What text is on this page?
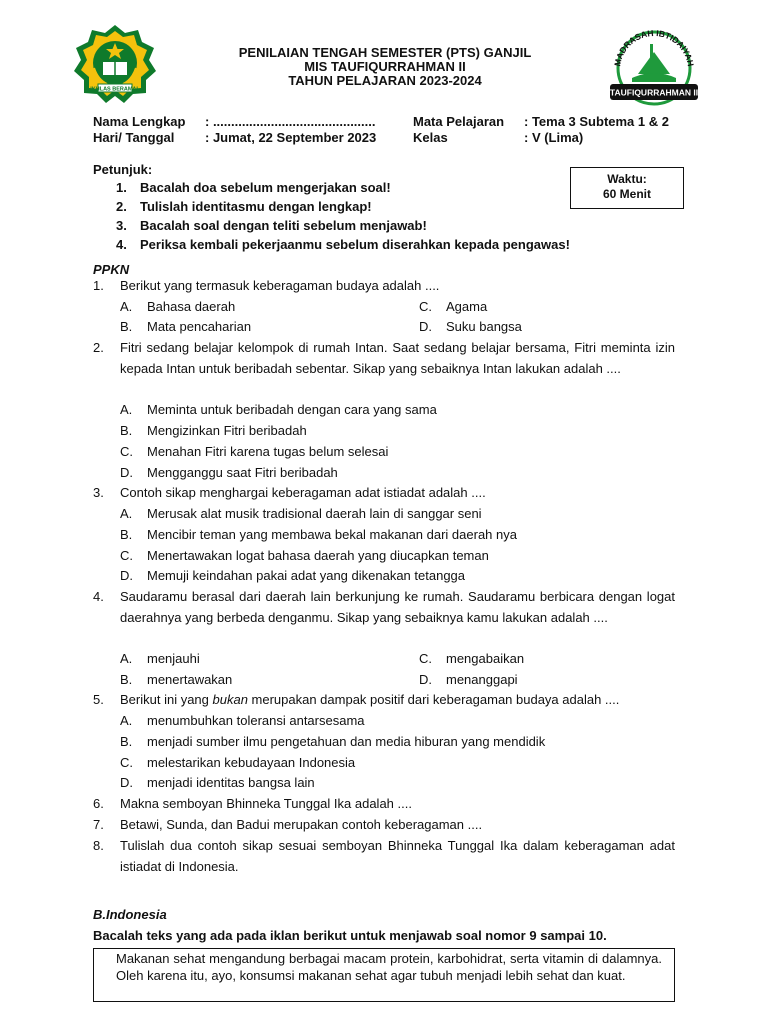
IKHLAS BERAMAL
MADRASAH IBTIDAIYAH
TAUFIQURRAHMAN II
PENILAIAN TENGAH SEMESTER (PTS) GANJIL
MIS TAUFIQURRAHMAN II
TAHUN PELAJARAN 2023-2024
Nama Lengkap : .............................................
Hari/ Tanggal : Jumat, 22 September 2023
Mata Pelajaran : Tema 3 Subtema 1 & 2
Kelas	: V (Lima)
Waktu:
60 Menit
Petunjuk:
1.	Bacalah doa sebelum mengerjakan soal!
2.	Tulislah identitasmu dengan lengkap!
3.	Bacalah soal dengan teliti sebelum menjawab!
4.	Periksa kembali pekerjaanmu sebelum diserahkan kepada pengawas!
PPKN
1.	Berikut yang termasuk keberagaman budaya adalah ....
A.	Bahasa daerah
B.	Mata pencaharian
C.	Agama
D.	Suku bangsa
2.	Fitri sedang belajar kelompok di rumah Intan. Saat sedang belajar bersama, Fitri meminta izin kepada Intan untuk beribadah sebentar. Sikap yang sebaiknya Intan lakukan adalah ....
A.	Meminta untuk beribadah dengan cara yang sama
B.	Mengizinkan Fitri beribadah
C.	Menahan Fitri karena tugas belum selesai
D.	Mengganggu saat Fitri beribadah
3.	Contoh sikap menghargai keberagaman adat istiadat adalah ....
A.	Merusak alat musik tradisional daerah lain di sanggar seni
B.	Mencibir teman yang membawa bekal makanan dari daerah nya
C.	Menertawakan logat bahasa daerah yang diucapkan teman
D.	Memuji keindahan pakai adat yang dikenakan tetangga
4.	Saudaramu berasal dari daerah lain berkunjung ke rumah. Saudaramu berbicara dengan logat daerahnya yang berbeda denganmu. Sikap yang sebaiknya kamu lakukan adalah ....
A.	menjauhi
B.	menertawakan
C.	mengabaikan
D.	menanggapi
5.	Berikut ini yang bukan merupakan dampak positif dari keberagaman budaya adalah ....
A.	menumbuhkan toleransi antarsesama
B.	menjadi sumber ilmu pengetahuan dan media hiburan yang mendidik
C.	melestarikan kebudayaan Indonesia
D.	menjadi identitas bangsa lain
6.	Makna semboyan Bhinneka Tunggal Ika adalah ....
7.	Betawi, Sunda, dan Badui merupakan contoh keberagaman ....
8.	Tulislah dua contoh sikap sesuai semboyan Bhinneka Tunggal Ika dalam keberagaman adat istiadat di Indonesia.
B.Indonesia
Bacalah teks yang ada pada iklan berikut untuk menjawab soal nomor 9 sampai 10.
Makanan sehat mengandung berbagai macam protein, karbohidrat, serta vitamin di dalamnya. Oleh karena itu, ayo, konsumsi makanan sehat agar tubuh menjadi lebih sehat dan kuat.
